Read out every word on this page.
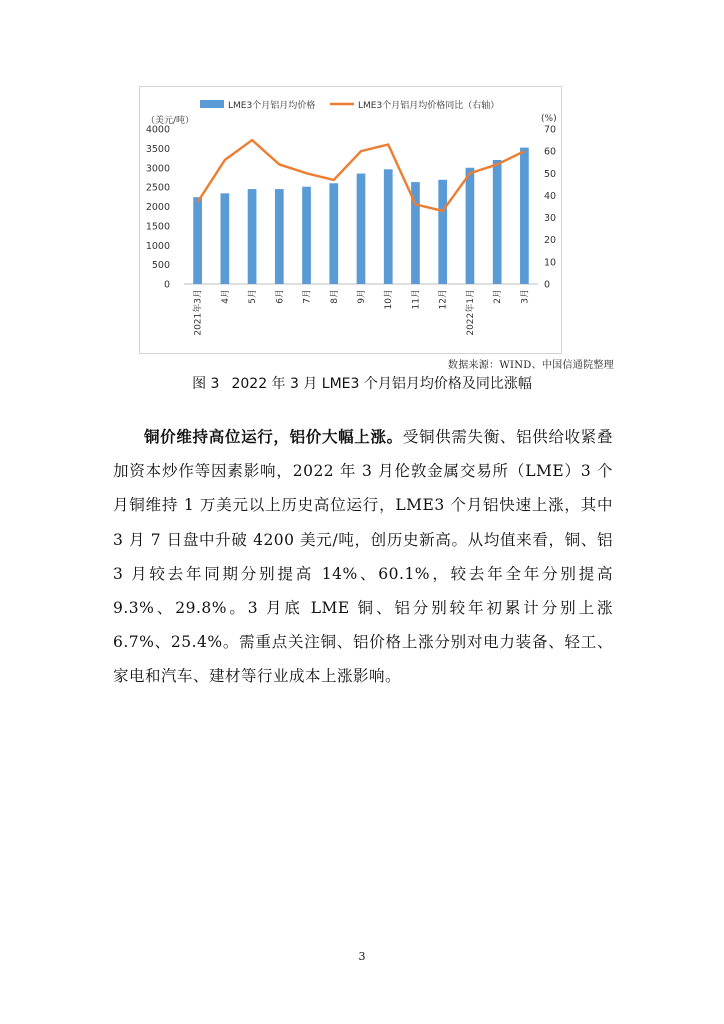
（美元/吨）	(%)
0
500
1000
1500
2000
2500
3000
3500
4000
0
10
20
30
40
50
60
70
2021年3月 4月 5月 6月 7月 8月 9月 10月 11月 12月 2022年1月 2月 3月
LME3个月铝月均价格	LME3个月铝月均价格同比（右轴）
数据来源：WIND、中国信通院整理
图 3 2022 年 3 月 LME3 个月铝月均价格及同比涨幅

铜价维持高位运行，铝价大幅上涨。受铜供需失衡、铝供给收紧叠加资本炒作等因素影响，2022 年 3 月伦敦金属交易所（LME）3 个月铜维持 1 万美元以上历史高位运行，LME3 个月铝快速上涨，其中 3 月 7 日盘中升破 4200 美元/吨，创历史新高。从均值来看，铜、铝 3 月较去年同期分别提高 14%、60.1%，较去年全年分别提高 9.3%、29.8%。3 月底 LME 铜、铝分别较年初累计分别上涨 6.7%、25.4%。需重点关注铜、铝价格上涨分别对电力装备、轻工、家电和汽车、建材等行业成本上涨影响。

3
